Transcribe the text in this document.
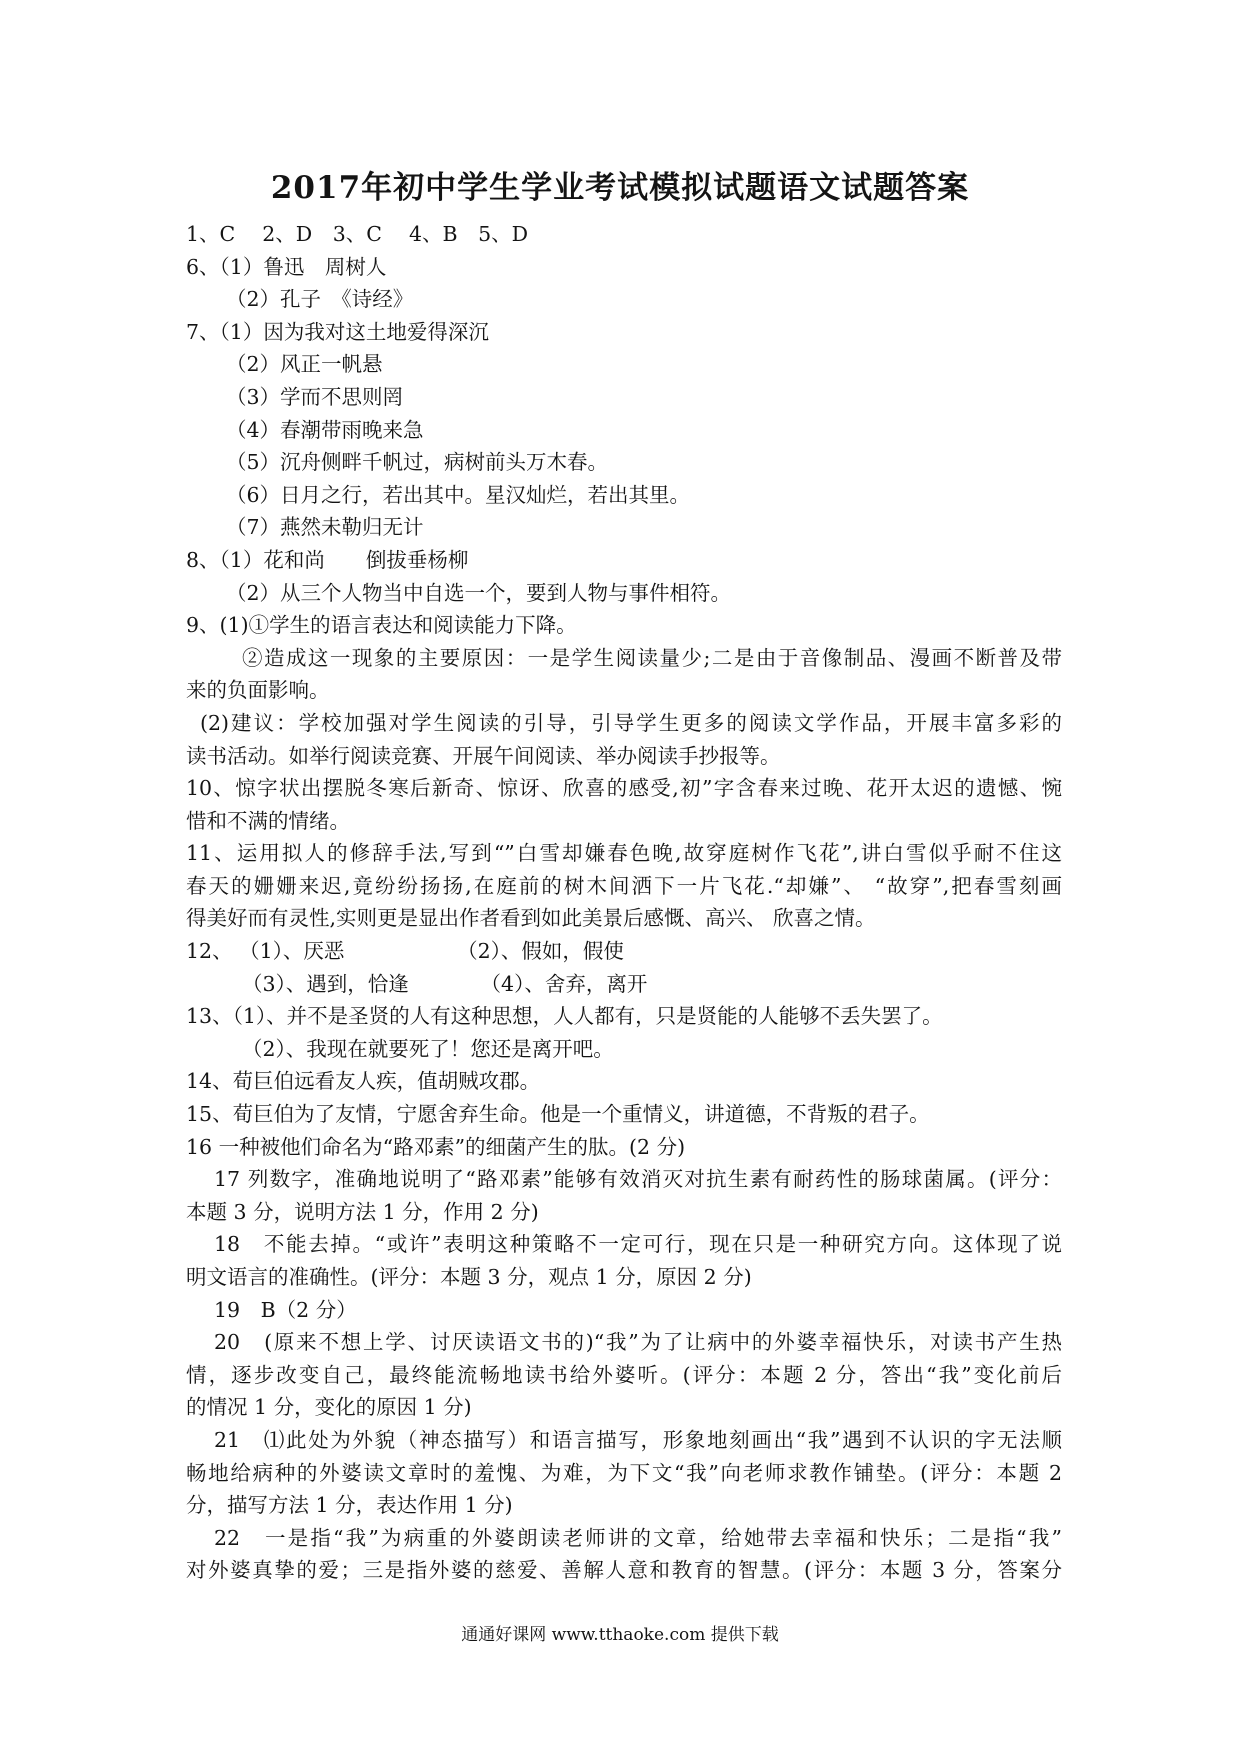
2017年初中学生学业考试模拟试题语文试题答案
1、C　 2、D　3、C　 4、B　5、D
6、（1）鲁迅　周树人
（2）孔子　《诗经》
7、（1）因为我对这土地爱得深沉
（2）风正一帆悬
（3）学而不思则罔
（4）春潮带雨晚来急
（5）沉舟侧畔千帆过，病树前头万木春。
（6）日月之行，若出其中。星汉灿烂，若出其里。
（7）燕然未勒归无计
8、（1）花和尚　　倒拔垂杨柳
（2）从三个人物当中自选一个，要到人物与事件相符。
9、(1)①学生的语言表达和阅读能力下降。
②造成这一现象的主要原因：一是学生阅读量少;二是由于音像制品、漫画不断普及带
来的负面影响。
(2)建议：学校加强对学生阅读的引导，引导学生更多的阅读文学作品，开展丰富多彩的
读书活动。如举行阅读竞赛、开展午间阅读、举办阅读手抄报等。
10、惊字状出摆脱冬寒后新奇、惊讶、欣喜的感受,初”字含春来过晚、花开太迟的遗憾、惋
惜和不满的情绪。
11、运用拟人的修辞手法,写到“”白雪却嫌春色晚,故穿庭树作飞花”,讲白雪似乎耐不住这
春天的姗姗来迟,竟纷纷扬扬,在庭前的树木间洒下一片飞花.“却嫌”、 “故穿”,把春雪刻画
得美好而有灵性,实则更是显出作者看到如此美景后感慨、高兴、 欣喜之情。
12、 （1）、厌恶　　　　　　（2）、假如，假使
（3）、遇到，恰逢　　　　（4）、舍弃，离开
13、（1）、并不是圣贤的人有这种思想，人人都有，只是贤能的人能够不丢失罢了。
（2）、我现在就要死了！您还是离开吧。
14、荀巨伯远看友人疾，值胡贼攻郡。
15、荀巨伯为了友情，宁愿舍弃生命。他是一个重情义，讲道德，不背叛的君子。
16 一种被他们命名为“路邓素”的细菌产生的肽。(2 分)
17 列数字，准确地说明了“路邓素”能够有效消灭对抗生素有耐药性的肠球菌属。(评分：
本题 3 分，说明方法 1 分，作用 2 分)
18　不能去掉。“或许”表明这种策略不一定可行，现在只是一种研究方向。这体现了说
明文语言的准确性。(评分：本题 3 分，观点 1 分，原因 2 分)
19　B（2 分）
20　(原来不想上学、讨厌读语文书的)“我”为了让病中的外婆幸福快乐，对读书产生热
情，逐步改变自己，最终能流畅地读书给外婆听。(评分：本题 2 分，答出“我”变化前后
的情况 1 分，变化的原因 1 分)
21　⑴此处为外貌（神态描写）和语言描写，形象地刻画出“我”遇到不认识的字无法顺
畅地给病种的外婆读文章时的羞愧、为难，为下文“我”向老师求教作铺垫。(评分：本题 2
分，描写方法 1 分，表达作用 1 分)
22　一是指“我”为病重的外婆朗读老师讲的文章，给她带去幸福和快乐；二是指“我”
对外婆真挚的爱；三是指外婆的慈爱、善解人意和教育的智慧。(评分：本题 3 分，答案分
通通好课网 www.tthaoke.com 提供下载
